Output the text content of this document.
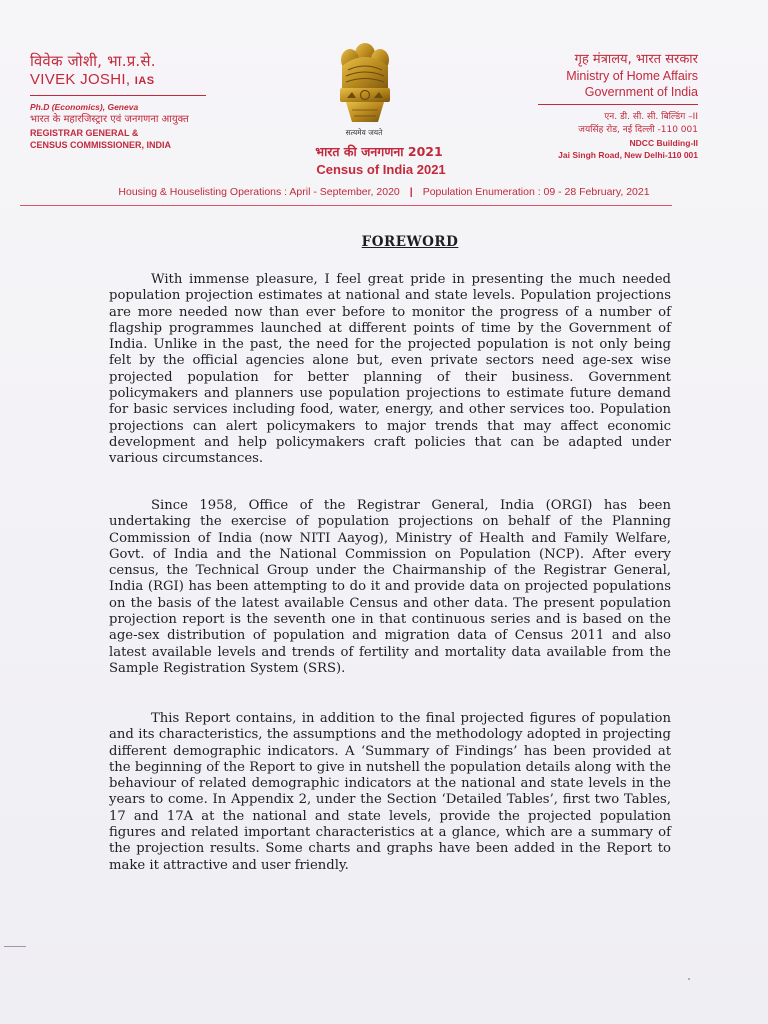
विवेक जोशी, भा.प्र.से.
VIVEK JOSHI, IAS
Ph.D (Economics), Geneva
भारत के महारजिस्ट्रार एवं जनगणना आयुक्त
REGISTRAR GENERAL &
CENSUS COMMISSIONER, INDIA
सत्यमेव जयते
भारत की जनगणना 2021
Census of India 2021
गृह मंत्रालय, भारत सरकार
Ministry of Home Affairs
Government of India
एन. डी. सी. सी. बिल्डिंग –II
जयसिंह रोड, नई दिल्ली -110 001
NDCC Building-II
Jai Singh Road, New Delhi-110 001
Housing & Houselisting Operations : April - September, 2020 | Population Enumeration : 09 - 28 February, 2021
FOREWORD

With immense pleasure, I feel great pride in presenting the much needed population projection estimates at national and state levels. Population projections are more needed now than ever before to monitor the progress of a number of flagship programmes launched at different points of time by the Government of India. Unlike in the past, the need for the projected population is not only being felt by the official agencies alone but, even private sectors need age-sex wise projected population for better planning of their business. Government policymakers and planners use population projections to estimate future demand for basic services including food, water, energy, and other services too. Population projections can alert policymakers to major trends that may affect economic development and help policymakers craft policies that can be adapted under various circumstances.

Since 1958, Office of the Registrar General, India (ORGI) has been undertaking the exercise of population projections on behalf of the Planning Commission of India (now NITI Aayog), Ministry of Health and Family Welfare, Govt. of India and the National Commission on Population (NCP). After every census, the Technical Group under the Chairmanship of the Registrar General, India (RGI) has been attempting to do it and provide data on projected populations on the basis of the latest available Census and other data. The present population projection report is the seventh one in that continuous series and is based on the age-sex distribution of population and migration data of Census 2011 and also latest available levels and trends of fertility and mortality data available from the Sample Registration System (SRS).

This Report contains, in addition to the final projected figures of population and its characteristics, the assumptions and the methodology adopted in projecting different demographic indicators. A ‘Summary of Findings’ has been provided at the beginning of the Report to give in nutshell the population details along with the behaviour of related demographic indicators at the national and state levels in the years to come. In Appendix 2, under the Section ‘Detailed Tables’, first two Tables, 17 and 17A at the national and state levels, provide the projected population figures and related important characteristics at a glance, which are a summary of the projection results. Some charts and graphs have been added in the Report to make it attractive and user friendly.
